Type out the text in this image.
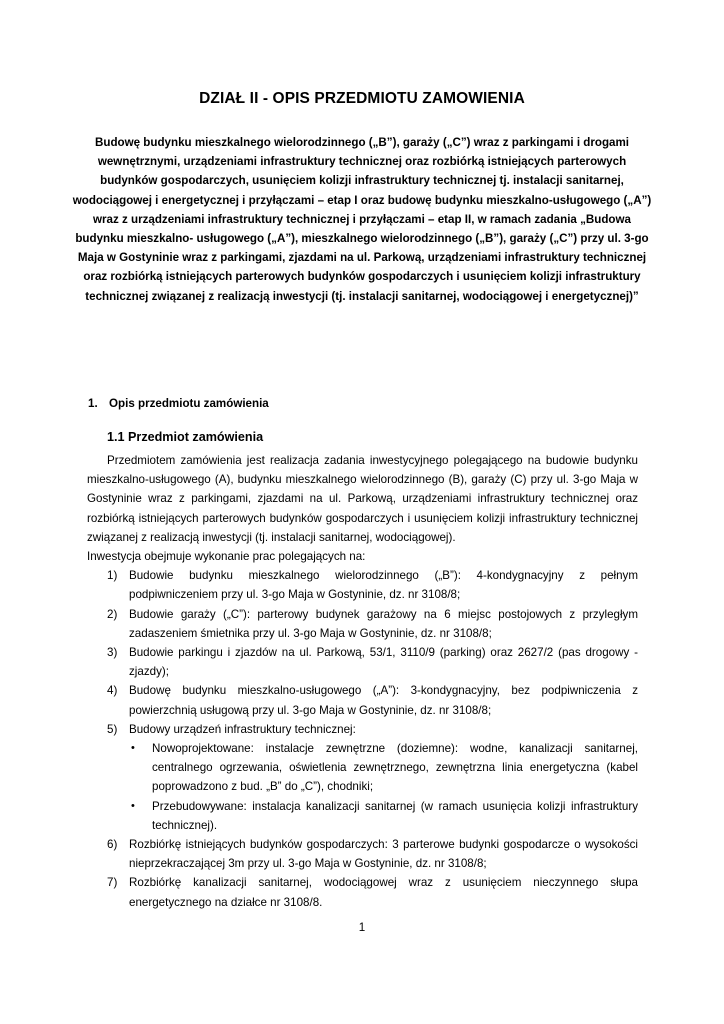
DZIAŁ II - OPIS PRZEDMIOTU ZAMOWIENIA
Budowę budynku mieszkalnego wielorodzinnego („B”), garaży („C”) wraz z parkingami i drogami wewnętrznymi, urządzeniami infrastruktury technicznej oraz rozbiórką istniejących parterowych budynków gospodarczych, usunięciem kolizji infrastruktury technicznej tj. instalacji sanitarnej, wodociągowej i energetycznej i przyłączami – etap I oraz budowę budynku mieszkalno-usługowego („A”) wraz z urządzeniami infrastruktury technicznej i przyłączami – etap II, w ramach zadania „Budowa budynku mieszkalno- usługowego („A”), mieszkalnego wielorodzinnego („B”), garaży („C”) przy ul. 3-go Maja w Gostyninie wraz z parkingami, zjazdami na ul. Parkową, urządzeniami infrastruktury technicznej oraz rozbiórką istniejących parterowych budynków gospodarczych i usunięciem kolizji infrastruktury technicznej związanej z realizacją inwestycji (tj. instalacji sanitarnej, wodociągowej i energetycznej)”
1. Opis przedmiotu zamówienia
1.1 Przedmiot zamówienia

Przedmiotem zamówienia jest realizacja zadania inwestycyjnego polegającego na budowie budynku mieszkalno-usługowego (A), budynku mieszkalnego wielorodzinnego (B), garaży (C) przy ul. 3-go Maja w Gostyninie wraz z parkingami, zjazdami na ul. Parkową, urządzeniami infrastruktury technicznej oraz rozbiórką istniejących parterowych budynków gospodarczych i usunięciem kolizji infrastruktury technicznej związanej z realizacją inwestycji (tj. instalacji sanitarnej, wodociągowej).

Inwestycja obejmuje wykonanie prac polegających na:

1) Budowie budynku mieszkalnego wielorodzinnego („B”): 4-kondygnacyjny z pełnym podpiwniczeniem przy ul. 3-go Maja w Gostyninie, dz. nr 3108/8;
2) Budowie garaży („C”): parterowy budynek garażowy na 6 miejsc postojowych z przyległym zadaszeniem śmietnika przy ul. 3-go Maja w Gostyninie, dz. nr 3108/8;
3) Budowie parkingu i zjazdów na ul. Parkową, 53/1, 3110/9 (parking) oraz 2627/2 (pas drogowy - zjazdy);
4) Budowę budynku mieszkalno-usługowego („A”): 3-kondygnacyjny, bez podpiwniczenia z powierzchnią usługową przy ul. 3-go Maja w Gostyninie, dz. nr 3108/8;
5) Budowy urządzeń infrastruktury technicznej:
• Nowoprojektowane: instalacje zewnętrzne (doziemne): wodne, kanalizacji sanitarnej, centralnego ogrzewania, oświetlenia zewnętrznego, zewnętrzna linia energetyczna (kabel poprowadzono z bud. „B” do „C”), chodniki;
• Przebudowywane: instalacja kanalizacji sanitarnej (w ramach usunięcia kolizji infrastruktury technicznej).
6) Rozbiórkę istniejących budynków gospodarczych: 3 parterowe budynki gospodarcze o wysokości nieprzekraczającej 3m przy ul. 3-go Maja w Gostyninie, dz. nr 3108/8;
7) Rozbiórkę kanalizacji sanitarnej, wodociągowej wraz z usunięciem nieczynnego słupa energetycznego na działce nr 3108/8.
1
